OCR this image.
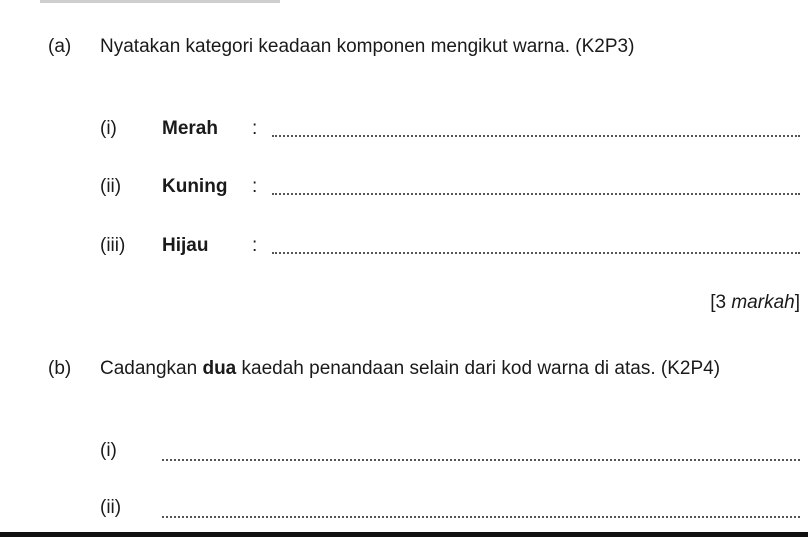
(a) Nyatakan kategori keadaan komponen mengikut warna. (K2P3)
(i) Merah :
(ii) Kuning :
(iii) Hijau :
[3 markah]
(b) Cadangkan dua kaedah penandaan selain dari kod warna di atas. (K2P4)
(i)
(ii)
